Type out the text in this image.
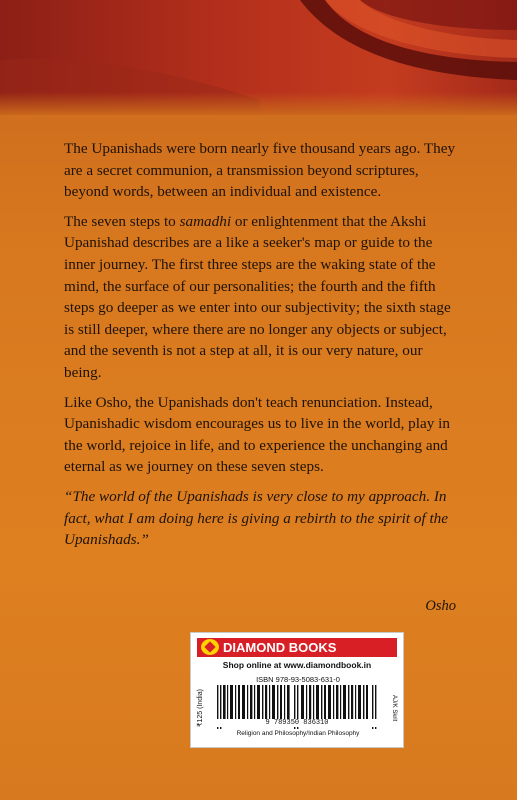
The Upanishads were born nearly five thousand years ago. They are a secret communion, a transmission beyond scriptures, beyond words, between an individual and existence.

The seven steps to samadhi or enlightenment that the Akshi Upanishad describes are a like a seeker's map or guide to the inner journey. The first three steps are the waking state of the mind, the surface of our personalities; the fourth and the fifth steps go deeper as we enter into our subjectivity; the sixth stage is still deeper, where there are no longer any objects or subject, and the seventh is not a step at all, it is our very nature, our being.

Like Osho, the Upanishads don't teach renunciation. Instead, Upanishadic wisdom encourages us to live in the world, play in the world, rejoice in life, and to experience the unchanging and eternal as we journey on these seven steps.

“The world of the Upanishads is very close to my approach. In fact, what I am doing here is giving a rebirth to the spirit of the Upanishads.”

Osho
DIAMOND BOOKS
Shop online at www.diamondbook.in
₹125 (India)
ISBN 978-93-5083-631-0
9 789350 836310
Religion and Philosophy/Indian Philosophy
AJ/K Skrit
